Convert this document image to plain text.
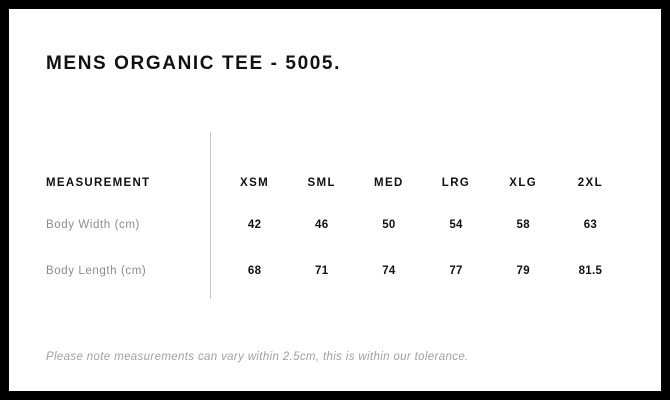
MENS ORGANIC TEE - 5005.
MEASUREMENT	XSM	SML	MED	LRG	XLG	2XL
Body Width (cm)	42	46	50	54	58	63
Body Length (cm)	68	71	74	77	79	81.5
Please note measurements can vary within 2.5cm, this is within our tolerance.
